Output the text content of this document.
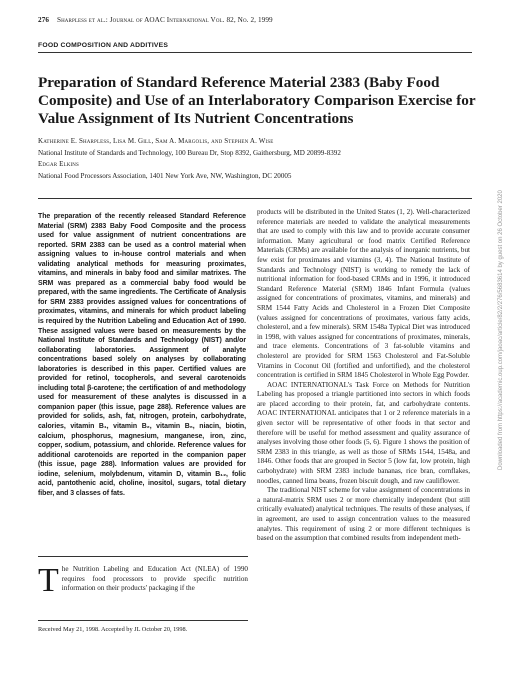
276 Sharpless et al.: Journal of AOAC International Vol. 82, No. 2, 1999
FOOD COMPOSITION AND ADDITIVES
Preparation of Standard Reference Material 2383 (Baby Food Composite) and Use of an Interlaboratory Comparison Exercise for Value Assignment of Its Nutrient Concentrations
Katherine E. Sharpless, Lisa M. Gill, Sam A. Margolis, and Stephen A. Wise
National Institute of Standards and Technology, 100 Bureau Dr, Stop 8392, Gaithersburg, MD 20899-8392
Edgar Elkins
National Food Processors Association, 1401 New York Ave, NW, Washington, DC 20005

The preparation of the recently released Standard Reference Material (SRM) 2383 Baby Food Composite and the process used for value assignment of nutrient concentrations are reported. SRM 2383 can be used as a control material when assigning values to in-house control materials and when validating analytical methods for measuring proximates, vitamins, and minerals in baby food and similar matrixes. The SRM was prepared as a commercial baby food would be prepared, with the same ingredients. The Certificate of Analysis for SRM 2383 provides assigned values for concentrations of proximates, vitamins, and minerals for which product labeling is required by the Nutrition Labeling and Education Act of 1990. These assigned values were based on measurements by the National Institute of Standards and Technology (NIST) and/or collaborating laboratories. Assignment of analyte concentrations based solely on analyses by collaborating laboratories is described in this paper. Certified values are provided for retinol, tocopherols, and several carotenoids including total β-carotene; the certification of and methodology used for measurement of these analytes is discussed in a companion paper (this issue, page 288). Reference values are provided for solids, ash, fat, nitrogen, protein, carbohydrate, calories, vitamin B₁, vitamin B₂, vitamin B₆, niacin, biotin, calcium, phosphorus, magnesium, manganese, iron, zinc, copper, sodium, potassium, and chloride. Reference values for additional carotenoids are reported in the companion paper (this issue, page 288). Information values are provided for iodine, selenium, molybdenum, vitamin D, vitamin B₁₂, folic acid, pantothenic acid, choline, inositol, sugars, total dietary fiber, and 3 classes of fats.

The Nutrition Labeling and Education Act (NLEA) of 1990 requires food processors to provide specific nutrition information on their products' packaging if the

Received May 21, 1998. Accepted by JL October 20, 1998.

products will be distributed in the United States (1, 2). Well-characterized reference materials are needed to validate the analytical measurements that are used to comply with this law and to provide accurate consumer information. Many agricultural or food matrix Certified Reference Materials (CRMs) are available for the analysis of inorganic nutrients, but few exist for proximates and vitamins (3, 4). The National Institute of Standards and Technology (NIST) is working to remedy the lack of nutritional information for food-based CRMs and in 1996, it introduced Standard Reference Material (SRM) 1846 Infant Formula (values assigned for concentrations of proximates, vitamins, and minerals) and SRM 1544 Fatty Acids and Cholesterol in a Frozen Diet Composite (values assigned for concentrations of proximates, various fatty acids, cholesterol, and a few minerals). SRM 1548a Typical Diet was introduced in 1998, with values assigned for concentrations of proximates, minerals, and trace elements. Concentrations of 3 fat-soluble vitamins and cholesterol are provided for SRM 1563 Cholesterol and Fat-Soluble Vitamins in Coconut Oil (fortified and unfortified), and the cholesterol concentration is certified in SRM 1845 Cholesterol in Whole Egg Powder.

AOAC INTERNATIONAL's Task Force on Methods for Nutrition Labeling has proposed a triangle partitioned into sectors in which foods are placed according to their protein, fat, and carbohydrate contents. AOAC INTERNATIONAL anticipates that 1 or 2 reference materials in a given sector will be representative of other foods in that sector and therefore will be useful for method assessment and quality assurance of analyses involving those other foods (5, 6). Figure 1 shows the position of SRM 2383 in this triangle, as well as those of SRMs 1544, 1548a, and 1846. Other foods that are grouped in Sector 5 (low fat, low protein, high carbohydrate) with SRM 2383 include bananas, rice bran, cornflakes, noodles, canned lima beans, frozen biscuit dough, and raw cauliflower.

The traditional NIST scheme for value assignment of concentrations in a natural-matrix SRM uses 2 or more chemically independent (but still critically evaluated) analytical techniques. The results of these analyses, if in agreement, are used to assign concentration values to the measured analytes. This requirement of using 2 or more different techniques is based on the assumption that combined results from independent meth-

Downloaded from https://academic.oup.com/jaoac/article/82/2/276/5683614 by guest on 26 October 2020
